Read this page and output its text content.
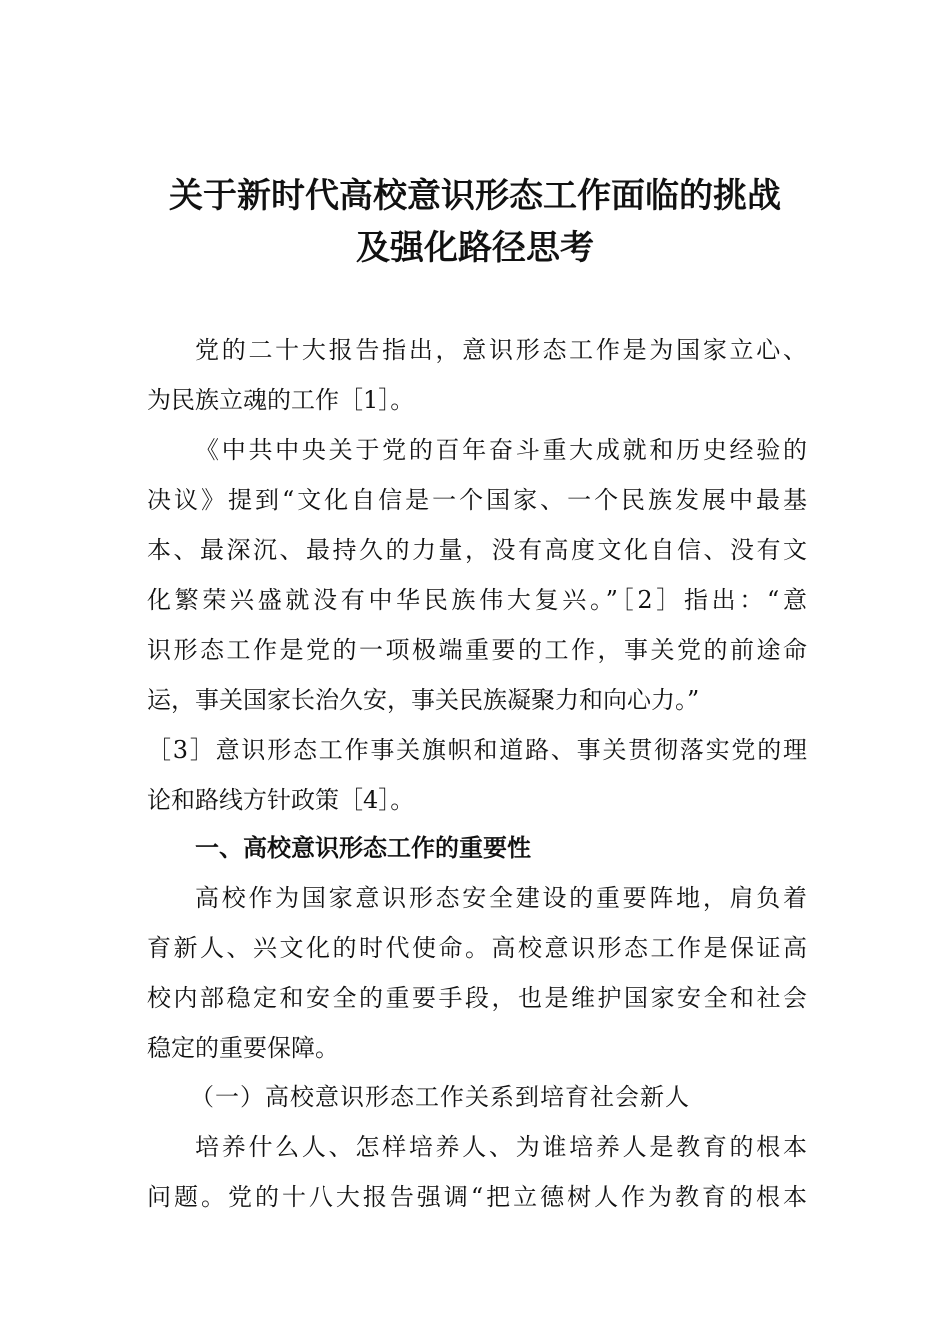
关于新时代高校意识形态工作面临的挑战
及强化路径思考
党的二十大报告指出，意识形态工作是为国家立心、
为民族立魂的工作［1］。
《中共中央关于党的百年奋斗重大成就和历史经验的
决议》提到“文化自信是一个国家、一个民族发展中最基
本、最深沉、最持久的力量，没有高度文化自信、没有文
化繁荣兴盛就没有中华民族伟大复兴。”［2］指出：“意
识形态工作是党的一项极端重要的工作，事关党的前途命
运，事关国家长治久安，事关民族凝聚力和向心力。”
［3］意识形态工作事关旗帜和道路、事关贯彻落实党的理
论和路线方针政策［4］。
一、高校意识形态工作的重要性
高校作为国家意识形态安全建设的重要阵地，肩负着
育新人、兴文化的时代使命。高校意识形态工作是保证高
校内部稳定和安全的重要手段，也是维护国家安全和社会
稳定的重要保障。
（一）高校意识形态工作关系到培育社会新人
培养什么人、怎样培养人、为谁培养人是教育的根本
问题。党的十八大报告强调“把立德树人作为教育的根本
